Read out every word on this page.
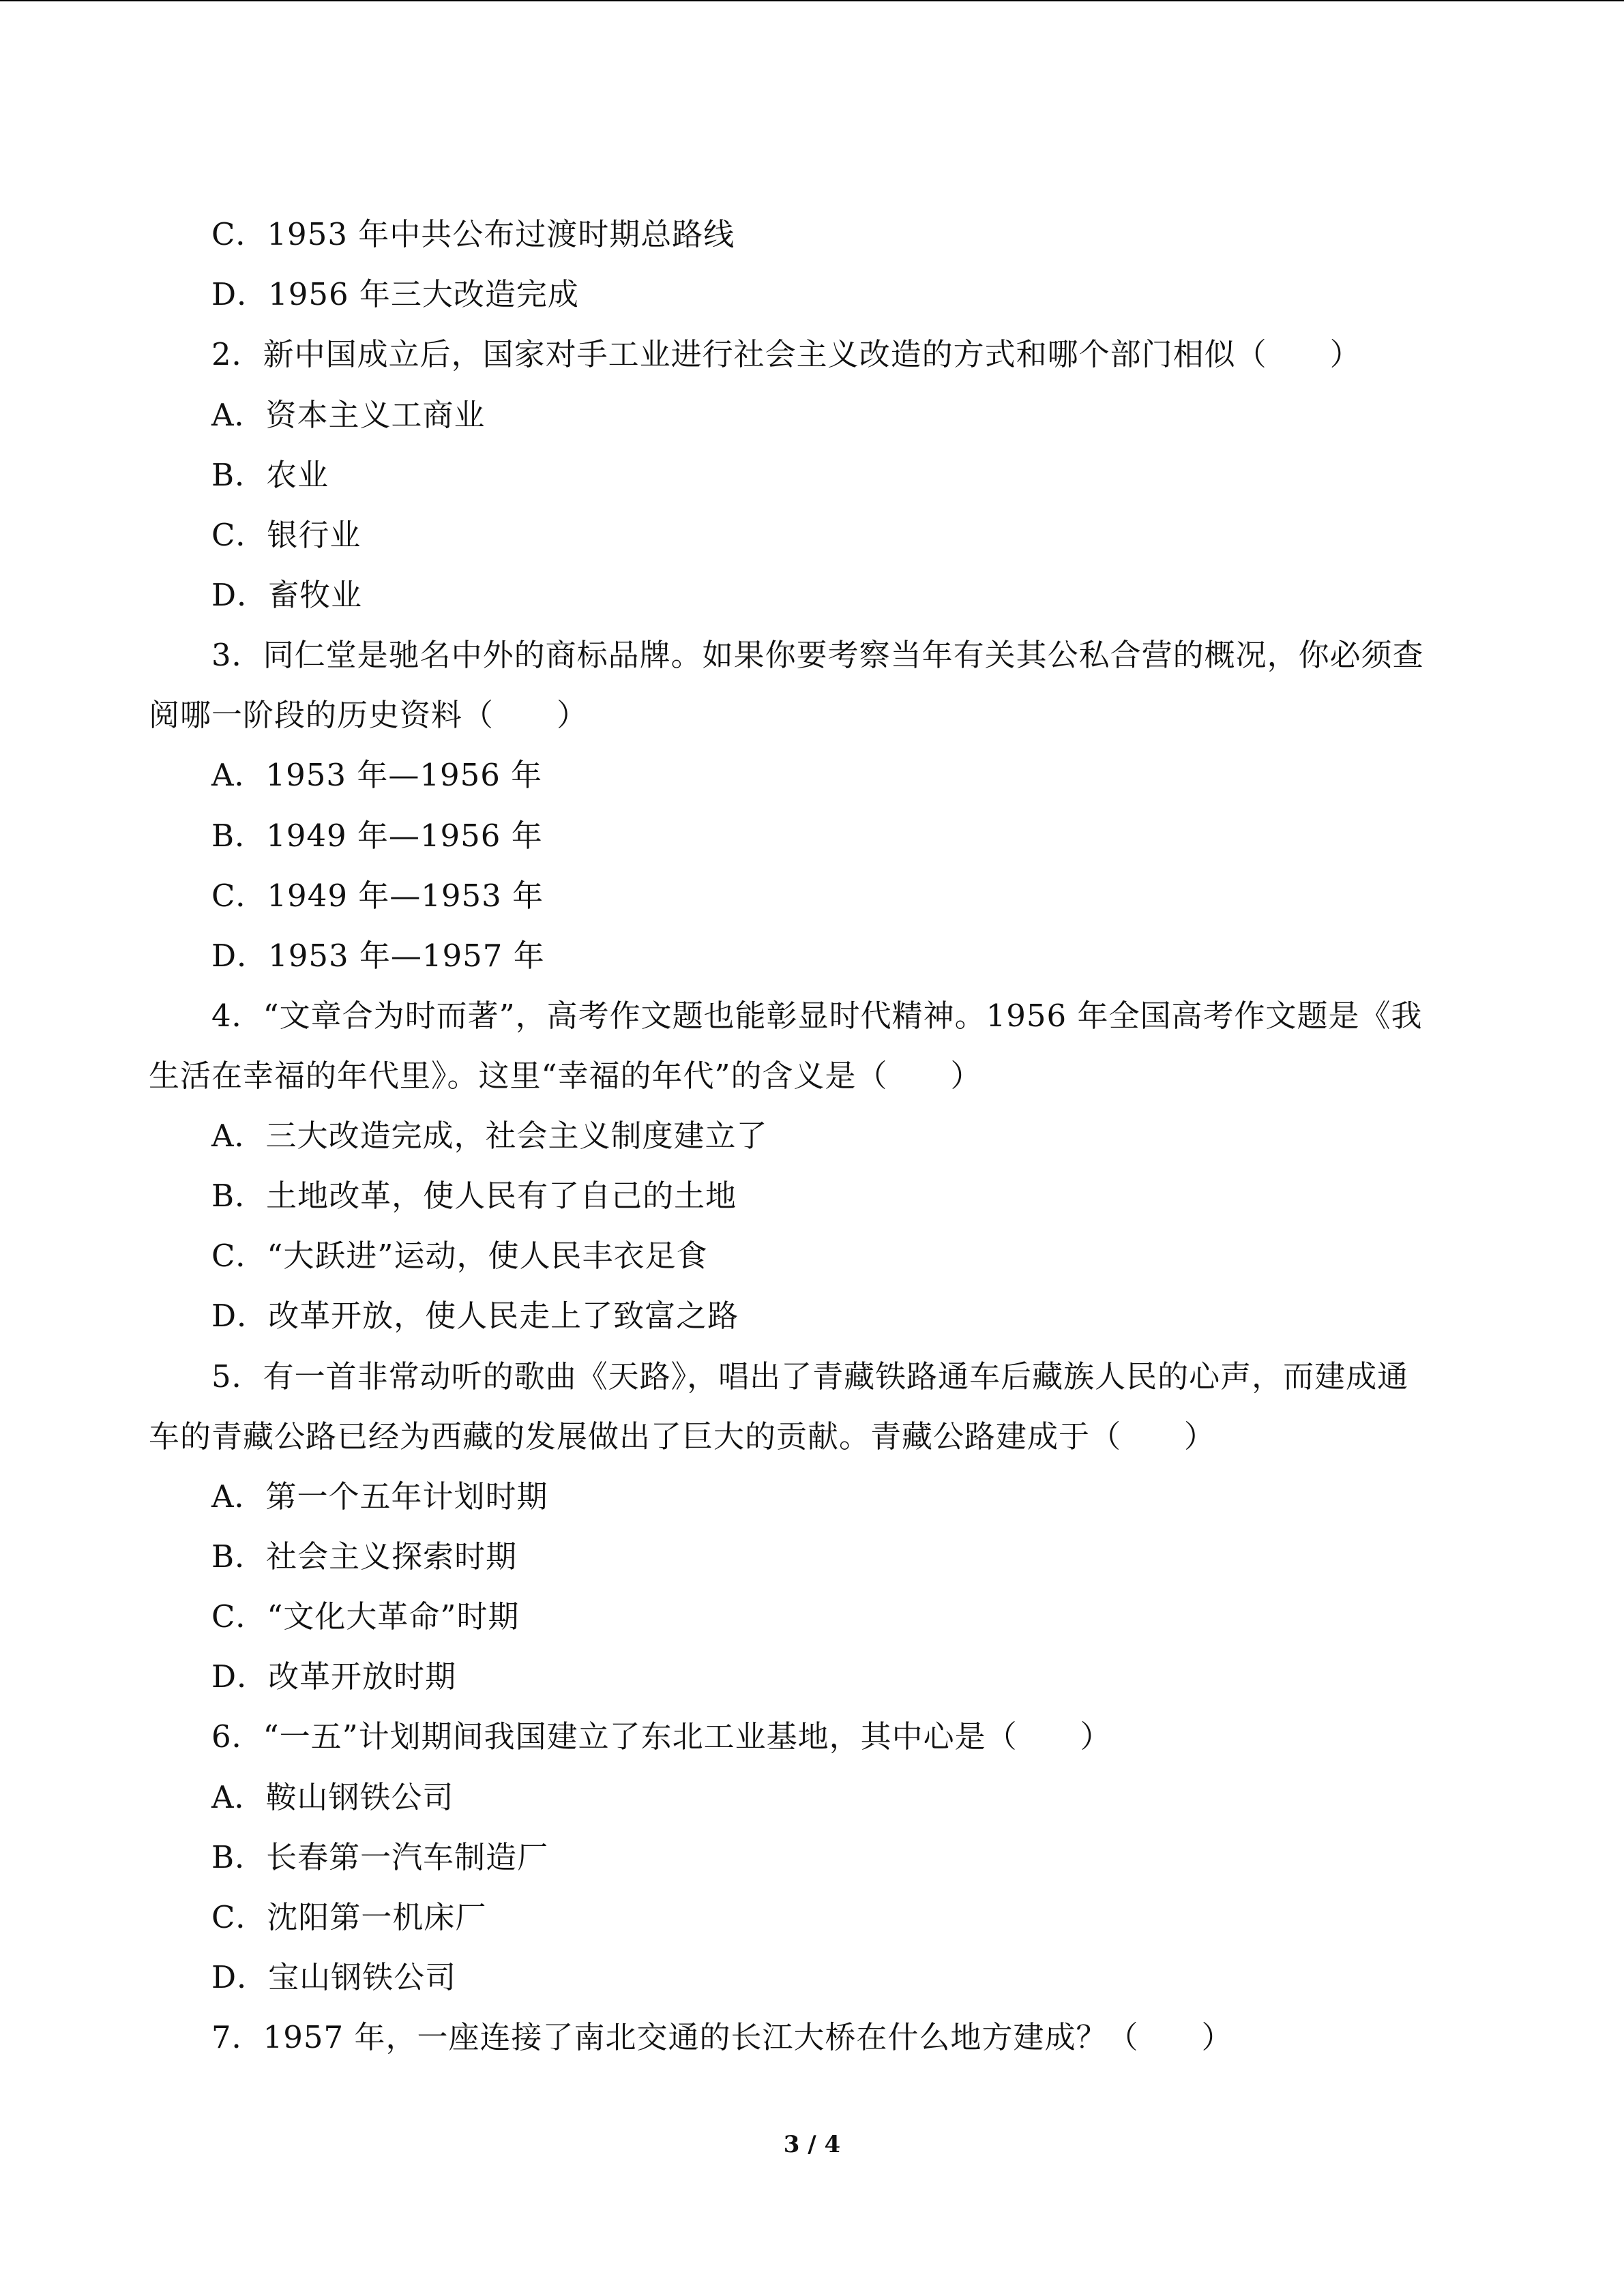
C．1953 年中共公布过渡时期总路线
D．1956 年三大改造完成
2．新中国成立后，国家对手工业进行社会主义改造的方式和哪个部门相似（　　）
A．资本主义工商业
B．农业
C．银行业
D．畜牧业
3．同仁堂是驰名中外的商标品牌。如果你要考察当年有关其公私合营的概况，你必须查
阅哪一阶段的历史资料（　　）
A．1953 年—1956 年
B．1949 年—1956 年
C．1949 年—1953 年
D．1953 年—1957 年
4．“文章合为时而著”，高考作文题也能彰显时代精神。1956 年全国高考作文题是《我
生活在幸福的年代里》。这里“幸福的年代”的含义是（　　）
A．三大改造完成，社会主义制度建立了
B．土地改革，使人民有了自己的土地
C．“大跃进”运动，使人民丰衣足食
D．改革开放，使人民走上了致富之路
5．有一首非常动听的歌曲《天路》，唱出了青藏铁路通车后藏族人民的心声，而建成通
车的青藏公路已经为西藏的发展做出了巨大的贡献。青藏公路建成于（　　）
A．第一个五年计划时期
B．社会主义探索时期
C．“文化大革命”时期
D．改革开放时期
6．“一五”计划期间我国建立了东北工业基地，其中心是（　　）
A．鞍山钢铁公司
B．长春第一汽车制造厂
C．沈阳第一机床厂
D．宝山钢铁公司
7．1957 年，一座连接了南北交通的长江大桥在什么地方建成？（　　）
3 / 4
